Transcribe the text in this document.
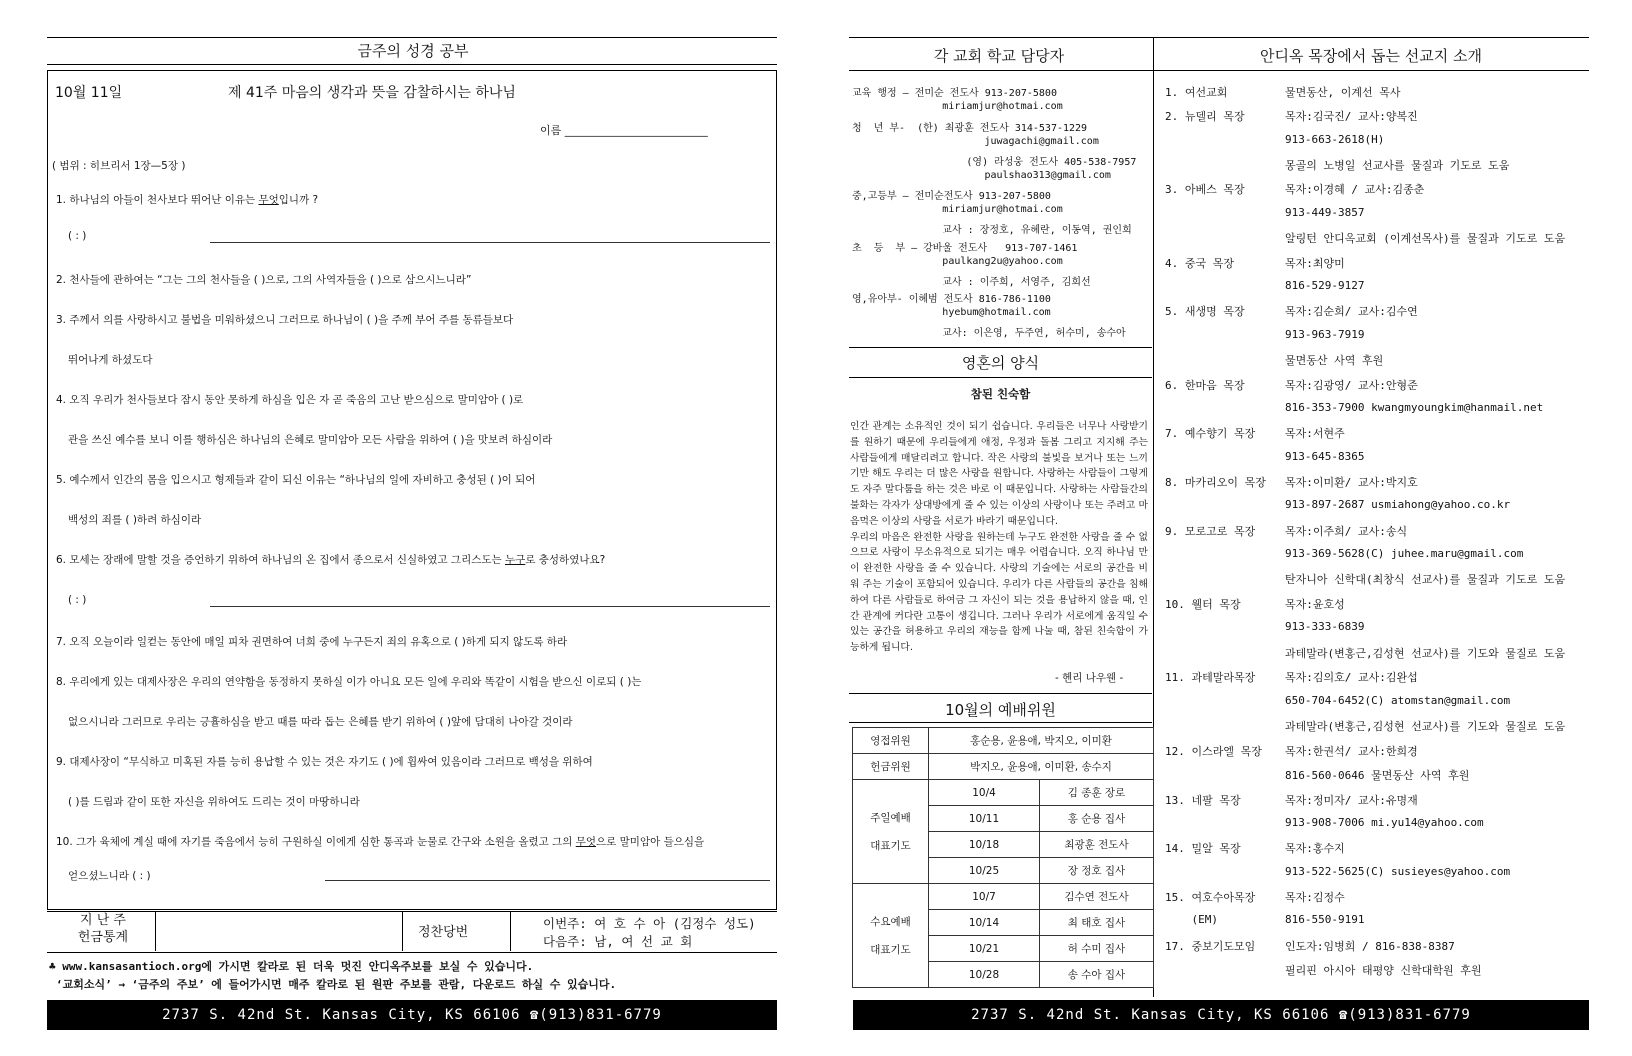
금주의 성경 공부
10월 11일	제 41주 마음의 생각과 뜻을 감찰하시는 하나님
이름 __________________________
( 범위 : 히브리서 1장—5장 )
1. 하나님의 아들이 천사보다 뛰어난 이유는 무엇입니까 ?
( : )
2. 천사들에 관하여는 “그는 그의 천사들을 ( )으로, 그의 사역자들을 ( )으로 삼으시느니라”
3. 주께서 의를 사랑하시고 불법을 미워하셨으니 그러므로 하나님이 ( )을 주께 부어 주를 동류들보다
뛰어나게 하셨도다
4. 오직 우리가 천사들보다 잠시 동안 못하게 하심을 입은 자 곧 죽음의 고난 받으심으로 말미암아 ( )로
관을 쓰신 예수를 보니 이를 행하심은 하나님의 은혜로 말미암아 모든 사람을 위하여 ( )을 맛보려 하심이라
5. 예수께서 인간의 몸을 입으시고 형제들과 같이 되신 이유는 “하나님의 일에 자비하고 충성된 ( )이 되어
백성의 죄를 ( )하려 하심이라
6. 모세는 장래에 말할 것을 증언하기 위하여 하나님의 온 집에서 종으로서 신실하였고 그리스도는 누구로 충성하였나요?
( : )
7. 오직 오늘이라 일컫는 동안에 매일 피차 권면하여 너희 중에 누구든지 죄의 유혹으로 ( )하게 되지 않도록 하라
8. 우리에게 있는 대제사장은 우리의 연약함을 동정하지 못하실 이가 아니요 모든 일에 우리와 똑같이 시험을 받으신 이로되 ( )는
없으시니라 그러므로 우리는 긍휼하심을 받고 때를 따라 돕는 은혜를 받기 위하여 ( )앞에 담대히 나아갈 것이라
9. 대제사장이 “무식하고 미혹된 자를 능히 용납할 수 있는 것은 자기도 ( )에 휩싸여 있음이라 그러므로 백성을 위하여
( )를 드림과 같이 또한 자신을 위하여도 드리는 것이 마땅하니라
10. 그가 육체에 계실 때에 자기를 죽음에서 능히 구원하실 이에게 심한 통곡과 눈물로 간구와 소원을 올렸고 그의 무엇으로 말미암아 들으심을
얻으셨느니라 ( : )
지 난 주
헌금통계	정찬당번
이번주: 여 호 수 아 (김정수 성도)
다음주: 남, 여 선 교 회
♣ www.kansasantioch.org에 가시면 칼라로 된 더욱 멋진 안디옥주보를 보실 수 있습니다.
‘교회소식’ → ‘금주의 주보’ 에 들어가시면 매주 칼라로 된 원판 주보를 관람, 다운로드 하실 수 있습니다.
2737 S. 42nd St. Kansas City, KS 66106 ☎(913)831-6779
각 교회 학교 담당자	안디옥 목장에서 돕는 선교지 소개
교육 행정 – 전미순 전도사 913-207-5800
miriamjur@hotmai.com
청  년 부-  (한) 최광훈 전도사 314-537-1229
juwagachi@gmail.com
(영) 라성웅 전도사 405-538-7957
paulshao313@gmail.com
중,고등부 – 전미순전도사 913-207-5800
miriamjur@hotmai.com
교사 : 장정호, 유혜란, 이동역, 권인희
초  등  부 – 강바울 전도사   913-707-1461
paulkang2u@yahoo.com
교사 : 이주희, 서영주, 김희선
영,유아부- 이혜범 전도사 816-786-1100
hyebum@hotmail.com
교사: 이은영, 두주연, 허수미, 송수아
영혼의 양식
참된 친숙함
인간 관계는 소유적인 것이 되기 쉽습니다. 우리들은 너무나 사랑받기를 원하기 때문에 우리들에게 애정, 우정과 돌봄 그리고 지지해 주는 사람들에게 매달리려고 합니다. 작은 사랑의 불빛을 보거나 또는 느끼기만 해도 우리는 더 많은 사랑을 원합니다. 사랑하는 사람들이 그렇게도 자주 말다툼을 하는 것은 바로 이 때문입니다. 사랑하는 사람들간의 불화는 각자가 상대방에게 줄 수 있는 이상의 사랑이나 또는 주려고 마음먹은 이상의 사랑을 서로가 바라기 때문입니다.
우리의 마음은 완전한 사랑을 원하는데 누구도 완전한 사랑을 줄 수 없으므로 사랑이 무소유적으로 되기는 매우 어렵습니다. 오직 하나님 만이 완전한 사랑을 줄 수 있습니다. 사랑의 기술에는 서로의 공간을 비워 주는 기술이 포함되어 있습니다. 우리가 다른 사람들의 공간을 침해하여 다른 사람들로 하여금 그 자신이 되는 것을 용납하지 않을 때, 인간 관계에 커다란 고통이 생깁니다. 그러나 우리가 서로에게 움직일 수 있는 공간을 허용하고 우리의 재능을 함께 나눌 때, 참된 친숙함이 가능하게 됩니다.
- 헨리 나우웬 -
10월의 예배위원
영접위원	홍순용, 윤용애, 박지오, 이미환	
헌금위원	박지오, 윤용애, 이미환, 송수지	
주일예배
대표기도	10/4	김 종훈 장로
	10/11	홍 순용 집사
	10/18	최광훈 전도사
	10/25	장 정호 집사
수요예배
대표기도	10/7	김수연 전도사
	10/14	최 태호 집사
	10/21	허 수미 집사
	10/28	송 수아 집사
1. 여선교회	물면동산, 이계선 목사
2. 뉴델리 목장	목자:김국진/ 교사:양복진
913-663-2618(H)
몽골의 노병일 선교사를 물질과 기도로 도움
3. 아베스 목장	목자:이경혜 / 교사:김종춘
913-449-3857
알링턴 안디옥교회 (이계선목사)를 물질과 기도로 도움
4. 중국 목장	목자:최양미
816-529-9127
5. 새생명 목장	목자:김순희/ 교사:김수연
913-963-7919
물면동산 사역 후원
6. 한마음 목장	목자:김광영/ 교사:안형준
816-353-7900 kwangmyoungkim@hanmail.net
7. 예수향기 목장	목자:서현주
913-645-8365
8. 마카리오이 목장 목자:이미환/ 교사:박지호
913-897-2687 usmiahong@yahoo.co.kr
9. 모로고로 목장	목자:이주희/ 교사:송식
913-369-5628(C) juhee.maru@gmail.com
탄자니아 신학대(최창식 선교사)를 물질과 기도로 도움
10. 웰터 목장	목자:윤호성
913-333-6839
과테말라(변홍근,김성현 선교사)를 기도와 물질로 도움
11. 과테말라목장	목자:김의호/ 교사:김완섭
650-704-6452(C) atomstan@gmail.com
과테말라(변홍근,김성현 선교사)를 기도와 물질로 도움
12. 이스라엘 목장 목자:한권석/ 교사:한희경
816-560-0646 물면동산 사역 후원
13. 네팔 목장	목자:정미자/ 교사:유명재
913-908-7006 mi.yu14@yahoo.com
14. 밀알 목장	목자:홍수지
913-522-5625(C) susieyes@yahoo.com
15. 여호수아목장	목자:김정수
(EM)	816-550-9191
17. 중보기도모임	인도자:임병희 / 816-838-8387
필리핀 아시아 태평양 신학대학원 후원
2737 S. 42nd St. Kansas City, KS 66106 ☎(913)831-6779
